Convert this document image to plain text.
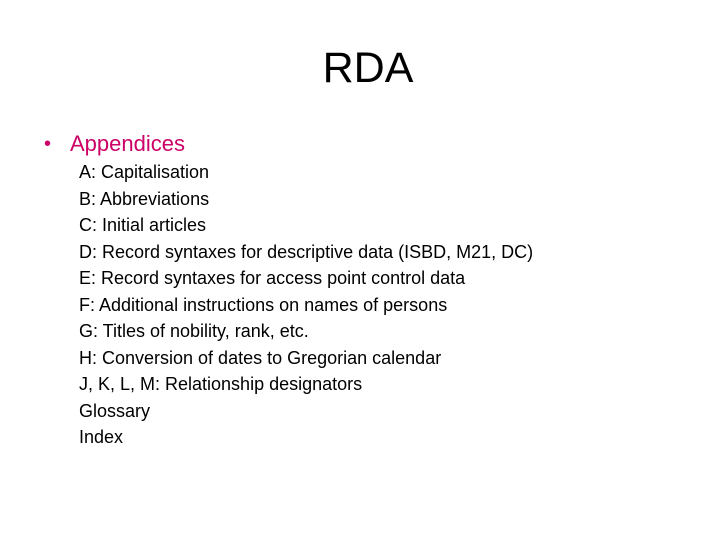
RDA
• Appendices
A: Capitalisation
B: Abbreviations
C: Initial articles
D: Record syntaxes for descriptive data (ISBD, M21, DC)
E: Record syntaxes for access point control data
F: Additional instructions on names of persons
G: Titles of nobility, rank, etc.
H: Conversion of dates to Gregorian calendar
J, K, L, M: Relationship designators
Glossary
Index
